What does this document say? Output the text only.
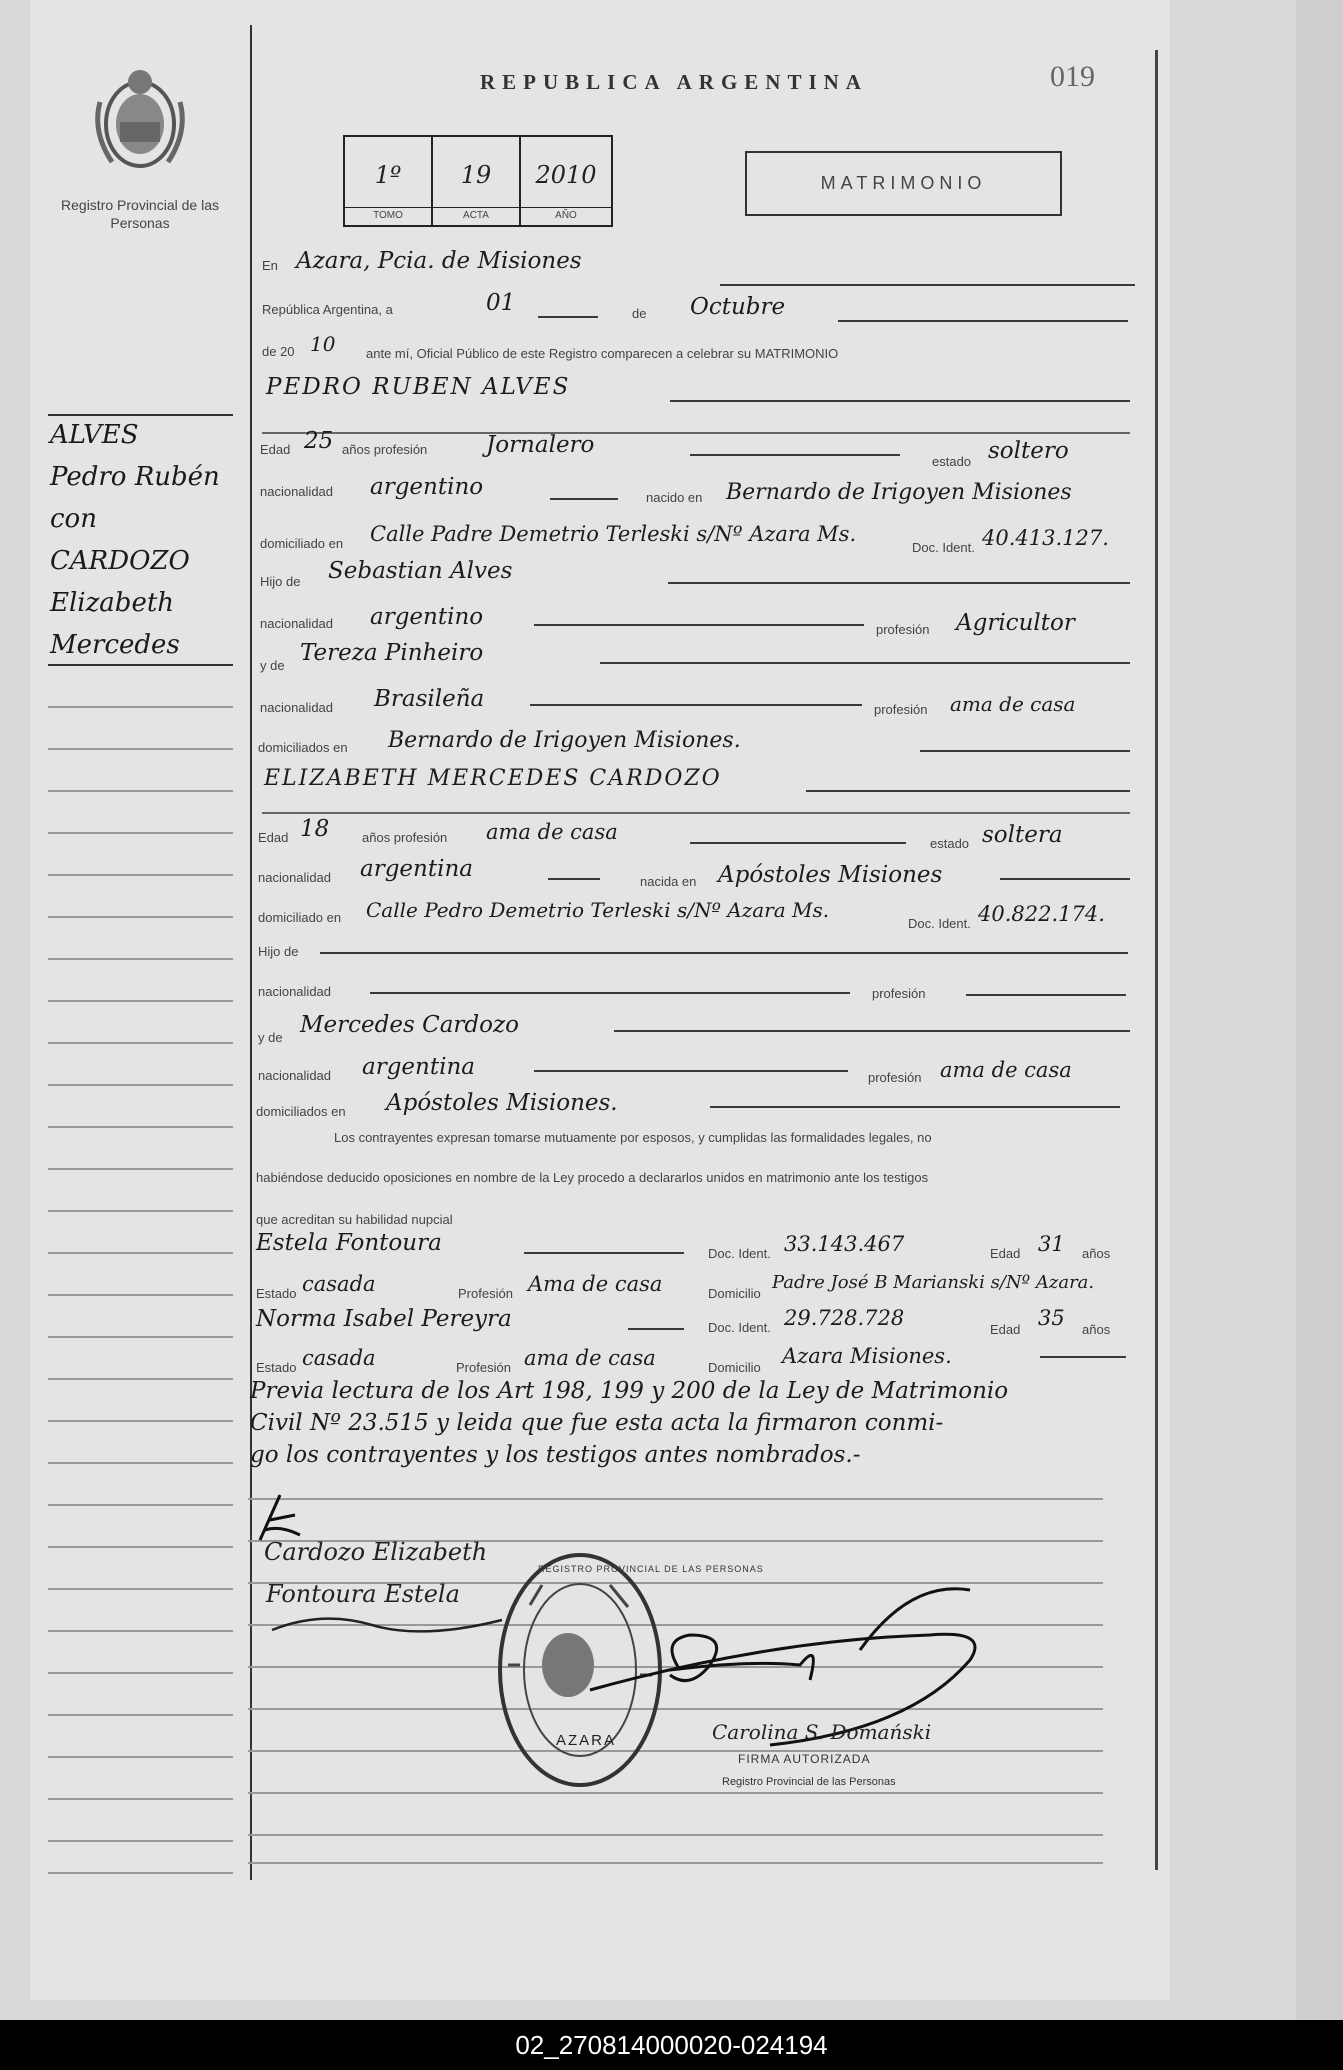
Registro Provincial de las Personas
REPUBLICA ARGENTINA	019
1º
TOMO
19
ACTA
2010
AÑO
MATRIMONIO
ALVES
Pedro Rubén
con
CARDOZO
Elizabeth
Mercedes
En Azara, Pcia. de Misiones
República Argentina, a	01	de Octubre
de 20 10 ante mí, Oficial Público de este Registro comparecen a celebrar su MATRIMONIO
PEDRO RUBEN ALVES
Edad 25 años profesión	Jornalero
estado soltero
nacionalidad argentino	nacido en Bernardo de Irigoyen Misiones
domiciliado en Calle Padre Demetrio Terleski s/Nº Azara Ms.
Doc. Ident. 40.413.127.
Hijo de Sebastian Alves
nacionalidad argentino	profesión Agricultor
y de Tereza Pinheiro
nacionalidad Brasileña	profesión ama de casa
domiciliados en Bernardo de Irigoyen Misiones.
ELIZABETH MERCEDES CARDOZO
Edad 18	años profesión ama de casa	estado soltera
nacionalidad argentina	nacida en Apóstoles Misiones
domiciliado en Calle Pedro Demetrio Terleski s/Nº Azara Ms.
Doc. Ident. 40.822.174.
Hijo de
nacionalidad	profesión
y de Mercedes Cardozo
nacionalidad argentina	profesión ama de casa
domiciliados en Apóstoles Misiones.
Los contrayentes expresan tomarse mutuamente por esposos, y cumplidas las formalidades legales, no
habiéndose deducido oposiciones en nombre de la Ley procedo a declararlos unidos en matrimonio ante los testigos
que acreditan su habilidad nupcial
Estela Fontoura	Doc. Ident. 33.143.467	Edad 31 años
Estado casada	Profesión Ama de casa	Domicilio
Padre José B Marianski s/Nº Azara.
Norma Isabel Pereyra	Doc. Ident. 29.728.728	Edad 35 años
Estado casada	Profesión ama de casa	Domicilio Azara Misiones.
Previa lectura de los Art 198, 199 y 200 de la Ley de Matrimonio
Civil Nº 23.515 y leida que fue esta acta la firmaron conmi-
go los contrayentes y los testigos antes nombrados.-
Cardozo Elizabeth
Fontoura Estela
AZARA
REGISTRO PROVINCIAL DE LAS PERSONAS
Carolina S. Domański
FIRMA AUTORIZADA
Registro Provincial de las Personas
02_270814000020-024194
